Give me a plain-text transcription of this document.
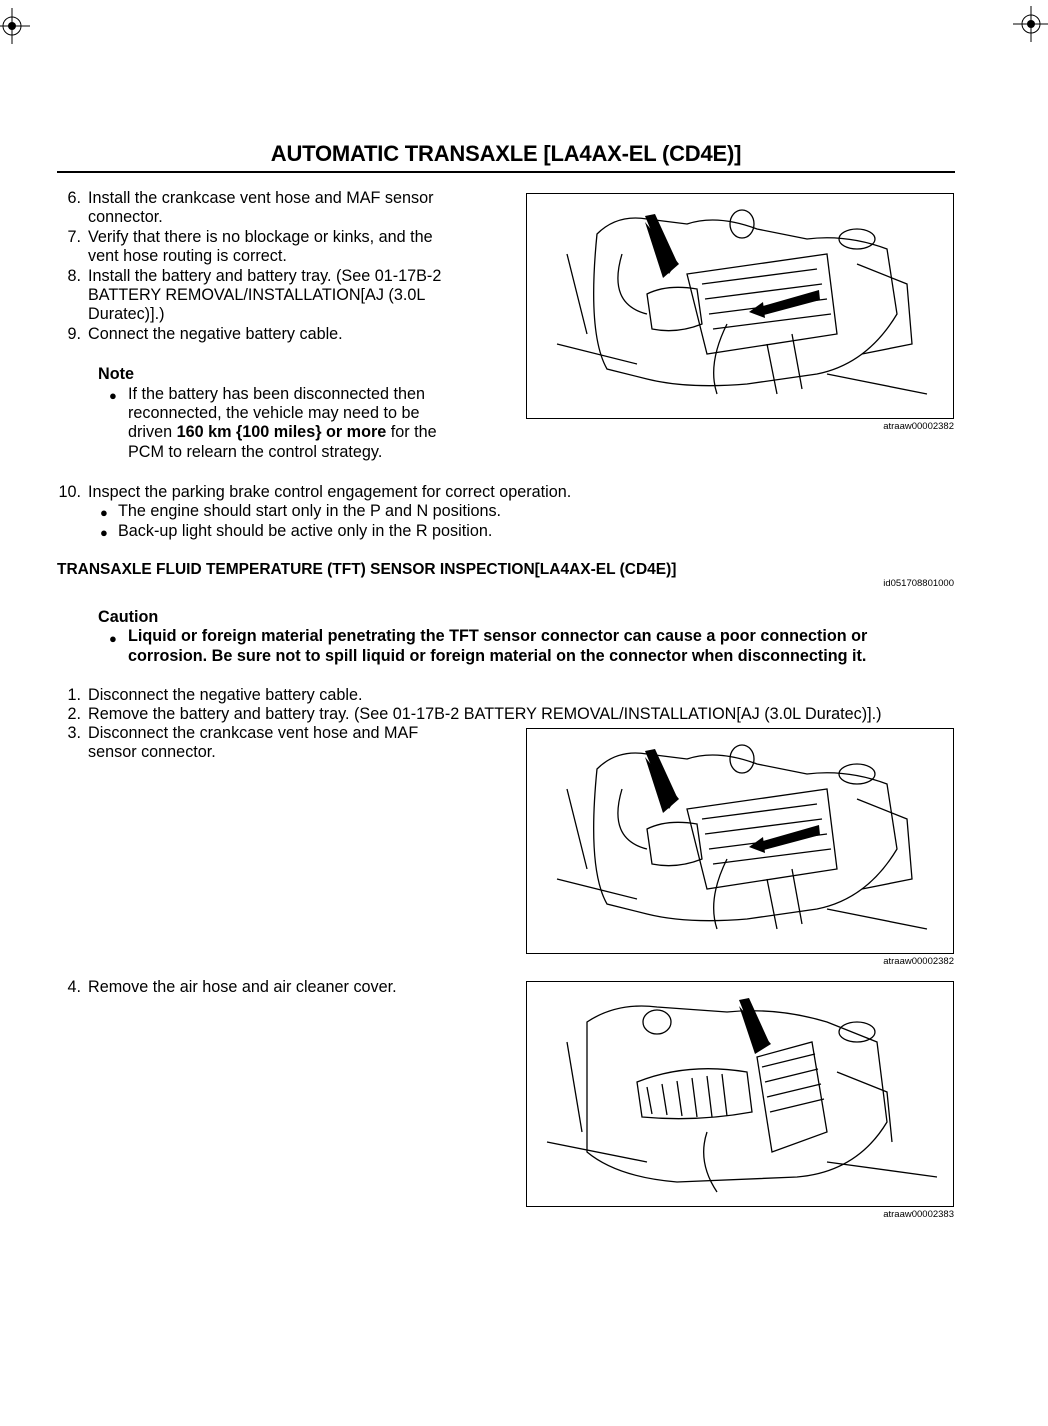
AUTOMATIC TRANSAXLE [LA4AX-EL (CD4E)]
6. Install the crankcase vent hose and MAF sensor
connector.
7. Verify that there is no blockage or kinks, and the
vent hose routing is correct.
8. Install the battery and battery tray. (See 01-17B-2
BATTERY REMOVAL/INSTALLATION[AJ (3.0L
Duratec)].)
9. Connect the negative battery cable.
Note
● If the battery has been disconnected then
reconnected, the vehicle may need to be
driven 160 km {100 miles} or more for the
PCM to relearn the control strategy.
atraaw00002382
10. Inspect the parking brake control engagement for correct operation.
● The engine should start only in the P and N positions.
● Back-up light should be active only in the R position.
TRANSAXLE FLUID TEMPERATURE (TFT) SENSOR INSPECTION[LA4AX-EL (CD4E)]
id051708801000
Caution
● Liquid or foreign material penetrating the TFT sensor connector can cause a poor connection or
corrosion. Be sure not to spill liquid or foreign material on the connector when disconnecting it.
1. Disconnect the negative battery cable.
2. Remove the battery and battery tray. (See 01-17B-2 BATTERY REMOVAL/INSTALLATION[AJ (3.0L Duratec)].)
3. Disconnect the crankcase vent hose and MAF
sensor connector.
atraaw00002382
4. Remove the air hose and air cleaner cover.
atraaw00002383
